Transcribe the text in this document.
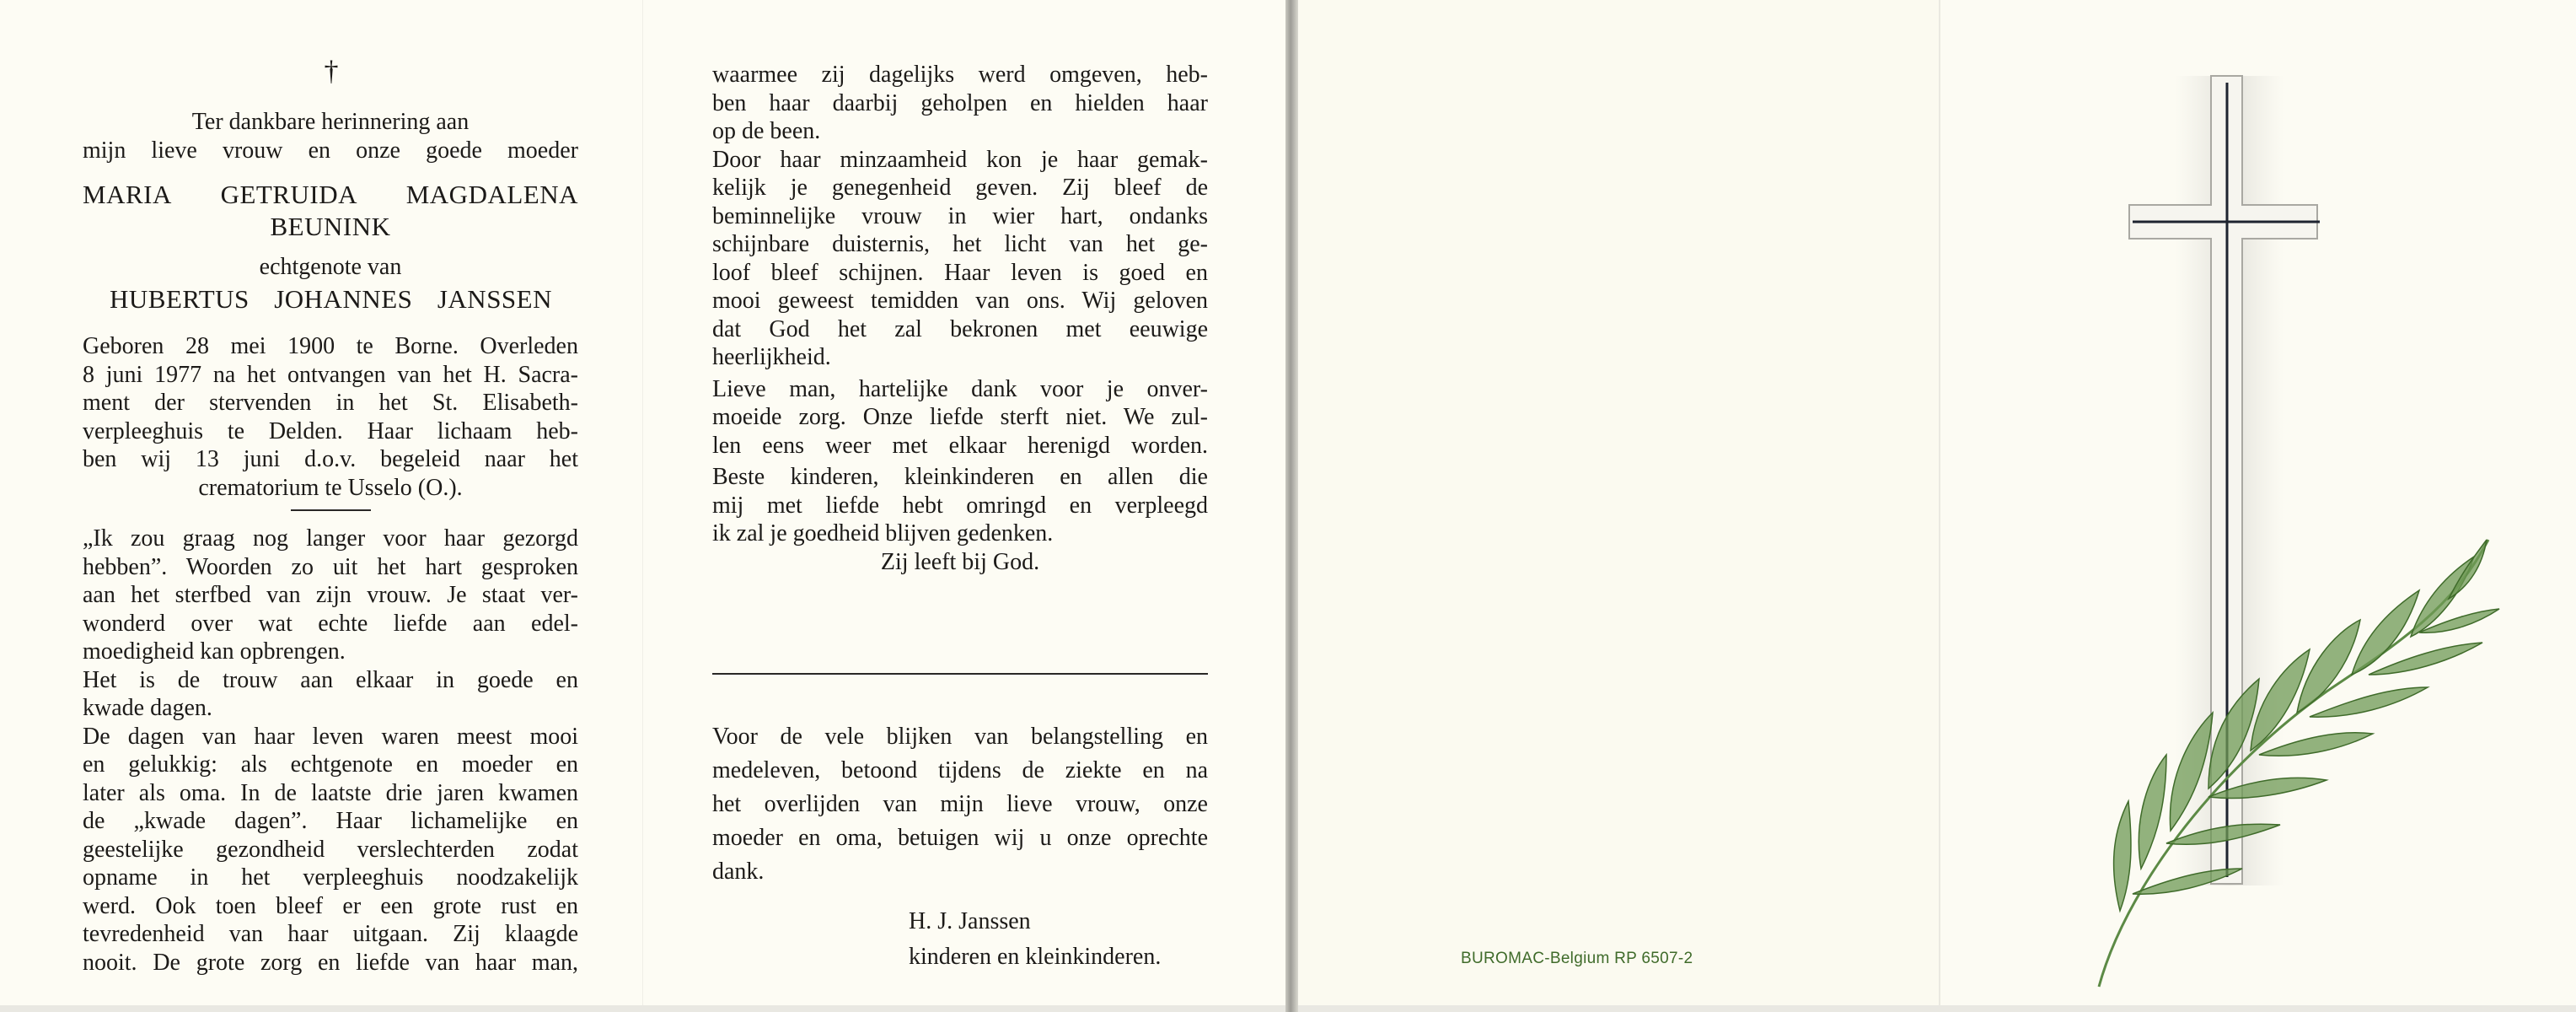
†
Ter dankbare herinnering aan
mijn lieve vrouw en onze goede moeder
MARIA GETRUIDA MAGDALENA
BEUNINK
echtgenote van
HUBERTUS JOHANNES JANSSEN
Geboren 28 mei 1900 te Borne. Overleden
8 juni 1977 na het ontvangen van het H. Sacra-
ment der stervenden in het St. Elisabeth-
verpleeghuis te Delden. Haar lichaam heb-
ben wij 13 juni d.o.v. begeleid naar het
crematorium te Usselo (O.).
„Ik zou graag nog langer voor haar gezorgd
hebben”. Woorden zo uit het hart gesproken
aan het sterfbed van zijn vrouw. Je staat ver-
wonderd over wat echte liefde aan edel-
moedigheid kan opbrengen.
Het is de trouw aan elkaar in goede en
kwade dagen.
De dagen van haar leven waren meest mooi
en gelukkig: als echtgenote en moeder en
later als oma. In de laatste drie jaren kwamen
de „kwade dagen”. Haar lichamelijke en
geestelijke gezondheid verslechterden zodat
opname in het verpleeghuis noodzakelijk
werd. Ook toen bleef er een grote rust en
tevredenheid van haar uitgaan. Zij klaagde
nooit. De grote zorg en liefde van haar man,
waarmee zij dagelijks werd omgeven, heb-
ben haar daarbij geholpen en hielden haar
op de been.
Door haar minzaamheid kon je haar gemak-
kelijk je genegenheid geven. Zij bleef de
beminnelijke vrouw in wier hart, ondanks
schijnbare duisternis, het licht van het ge-
loof bleef schijnen. Haar leven is goed en
mooi geweest temidden van ons. Wij geloven
dat God het zal bekronen met eeuwige
heerlijkheid.
Lieve man, hartelijke dank voor je onver-
moeide zorg. Onze liefde sterft niet. We zul-
len eens weer met elkaar herenigd worden.
Beste kinderen, kleinkinderen en allen die
mij met liefde hebt omringd en verpleegd
ik zal je goedheid blijven gedenken.
Zij leeft bij God.
Voor de vele blijken van belangstelling en
medeleven, betoond tijdens de ziekte en na
het overlijden van mijn lieve vrouw, onze
moeder en oma, betuigen wij u onze oprechte
dank.
H. J. Janssen
kinderen en kleinkinderen.	BUROMAC-Belgium RP 6507-2
